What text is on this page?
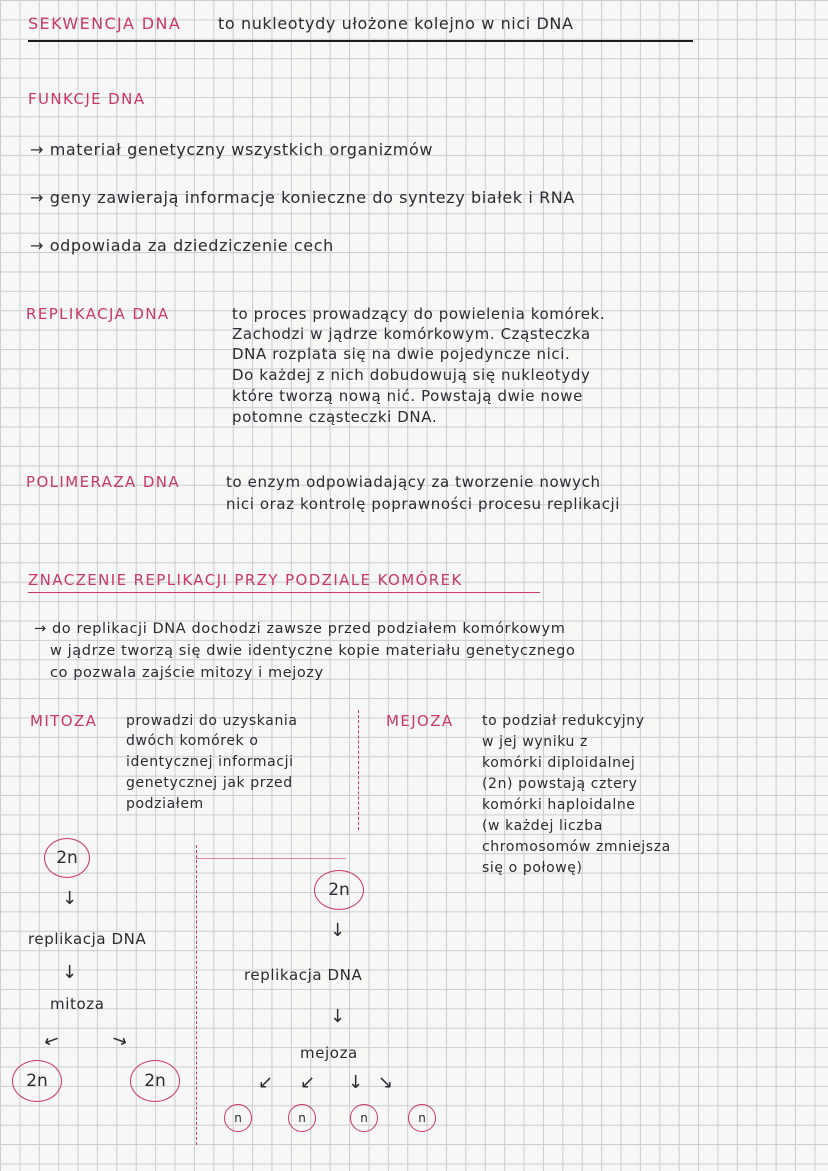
SEKWENCJA DNA to nukleotydy ułożone kolejno w nici DNA
FUNKCJE DNA
→ materiał genetyczny wszystkich organizmów
→ geny zawierają informacje konieczne do syntezy białek i RNA
→ odpowiada za dziedziczenie cech
REPLIKACJA DNA	to proces prowadzący do powielenia komórek.
Zachodzi w jądrze komórkowym. Cząsteczka
DNA rozplata się na dwie pojedyncze nici.
Do każdej z nich dobudowują się nukleotydy
które tworzą nową nić. Powstają dwie nowe
potomne cząsteczki DNA.
POLIMERAZA DNA	to enzym odpowiadający za tworzenie nowych
nici oraz kontrolę poprawności procesu replikacji
ZNACZENIE REPLIKACJI PRZY PODZIALE KOMÓREK
→ do replikacji DNA dochodzi zawsze przed podziałem komórkowym
w jądrze tworzą się dwie identyczne kopie materiału genetycznego
co pozwala zajście mitozy i mejozy
MITOZA prowadzi do uzyskania
dwóch komórek o
identycznej informacji
genetycznej jak przed
podziałem
MEJOZA to podział redukcyjny
w jej wyniku z
komórki diploidalnej
(2n) powstają cztery
komórki haploidalne
(w każdej liczba
chromosomów zmniejsza
się o połowę)
2n
↓
replikacja DNA
↓
mitoza
↙	↘
2n	2n
2n
↓
replikacja DNA
↓
mejoza
↙ ↙ ↓ ↘
n	n	n	n
